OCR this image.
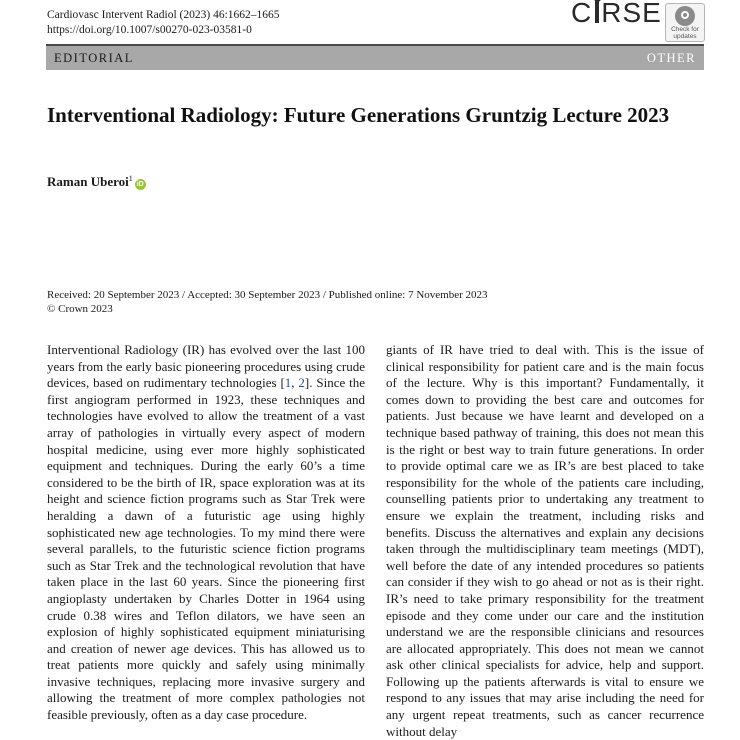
Cardiovasc Intervent Radiol (2023) 46:1662–1665
https://doi.org/10.1007/s00270-023-03581-0
C RSE
Check for
updates
EDITORIAL	OTHER
Interventional Radiology: Future Generations Gruntzig Lecture 2023
Raman Uberoi$^1$iD
Received: 20 September 2023 / Accepted: 30 September 2023 / Published online: 7 November 2023
© Crown 2023

Interventional Radiology (IR) has evolved over the last 100 years from the early basic pioneering procedures using crude devices, based on rudimentary technologies [1, 2]. Since the first angiogram performed in 1923, these techniques and technologies have evolved to allow the treatment of a vast array of pathologies in virtually every aspect of modern hospital medicine, using ever more highly sophisticated equipment and techniques. During the early 60’s a time considered to be the birth of IR, space exploration was at its height and science fiction programs such as Star Trek were heralding a dawn of a futuristic age using highly sophisticated new age technologies. To my mind there were several parallels, to the futuristic science fiction programs such as Star Trek and the technological revolution that have taken place in the last 60 years. Since the pioneering first angioplasty undertaken by Charles Dotter in 1964 using crude 0.38 wires and Teflon dilators, we have seen an explosion of highly sophisticated equipment miniaturising and creation of newer age devices. This has allowed us to treat patients more quickly and safely using minimally invasive techniques, replacing more invasive surgery and allowing the treatment of more complex pathologies not feasible previously, often as a day case procedure.

giants of IR have tried to deal with. This is the issue of clinical responsibility for patient care and is the main focus of the lecture. Why is this important? Fundamentally, it comes down to providing the best care and outcomes for patients. Just because we have learnt and developed on a technique based pathway of training, this does not mean this is the right or best way to train future generations. In order to provide optimal care we as IR’s are best placed to take responsibility for the whole of the patients care including, counselling patients prior to undertaking any treatment to ensure we explain the treatment, including risks and benefits. Discuss the alternatives and explain any decisions taken through the multidisciplinary team meetings (MDT), well before the date of any intended procedures so patients can consider if they wish to go ahead or not as is their right. IR’s need to take primary responsibility for the treatment episode and they come under our care and the institution understand we are the responsible clinicians and resources are allocated appropriately. This does not mean we cannot ask other clinical specialists for advice, help and support. Following up the patients afterwards is vital to ensure we respond to any issues that may arise including the need for any urgent repeat treatments, such as cancer recurrence without delay
